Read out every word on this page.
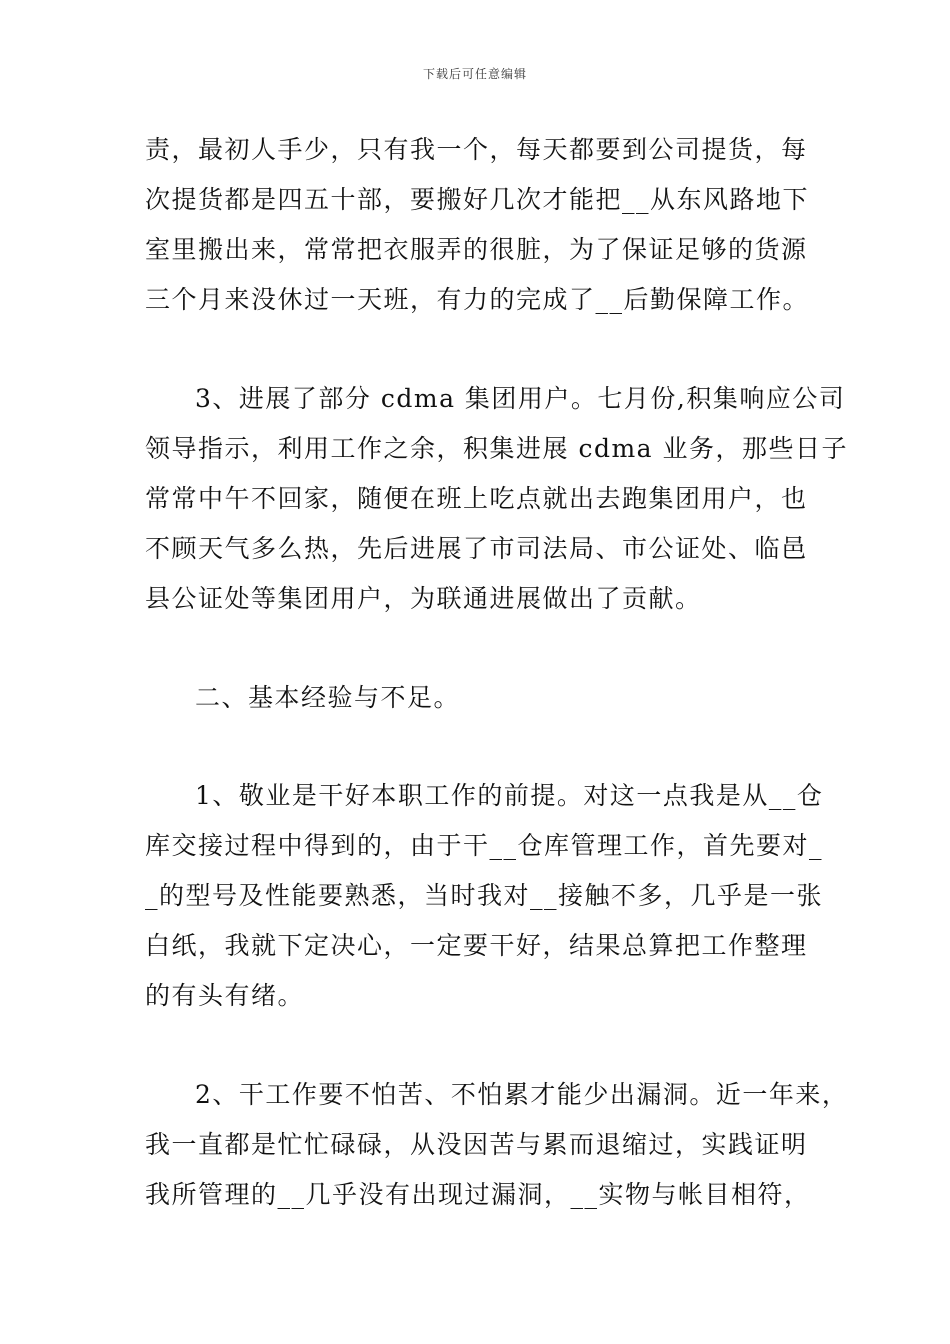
下载后可任意编辑
责，最初人手少，只有我一个，每天都要到公司提货，每
次提货都是四五十部，要搬好几次才能把__从东风路地下
室里搬出来，常常把衣服弄的很脏，为了保证足够的货源
三个月来没休过一天班，有力的完成了__后勤保障工作。
3、进展了部分 cdma 集团用户。七月份,积集响应公司
领导指示，利用工作之余，积集进展 cdma 业务，那些日子
常常中午不回家，随便在班上吃点就出去跑集团用户，也
不顾天气多么热，先后进展了市司法局、市公证处、临邑
县公证处等集团用户，为联通进展做出了贡献。
二、基本经验与不足。
1、敬业是干好本职工作的前提。对这一点我是从__仓
库交接过程中得到的，由于干__仓库管理工作，首先要对_
_的型号及性能要熟悉，当时我对__接触不多，几乎是一张
白纸，我就下定决心，一定要干好，结果总算把工作整理
的有头有绪。
2、干工作要不怕苦、不怕累才能少出漏洞。近一年来，
我一直都是忙忙碌碌，从没因苦与累而退缩过，实践证明
我所管理的__几乎没有出现过漏洞，__实物与帐目相符，
